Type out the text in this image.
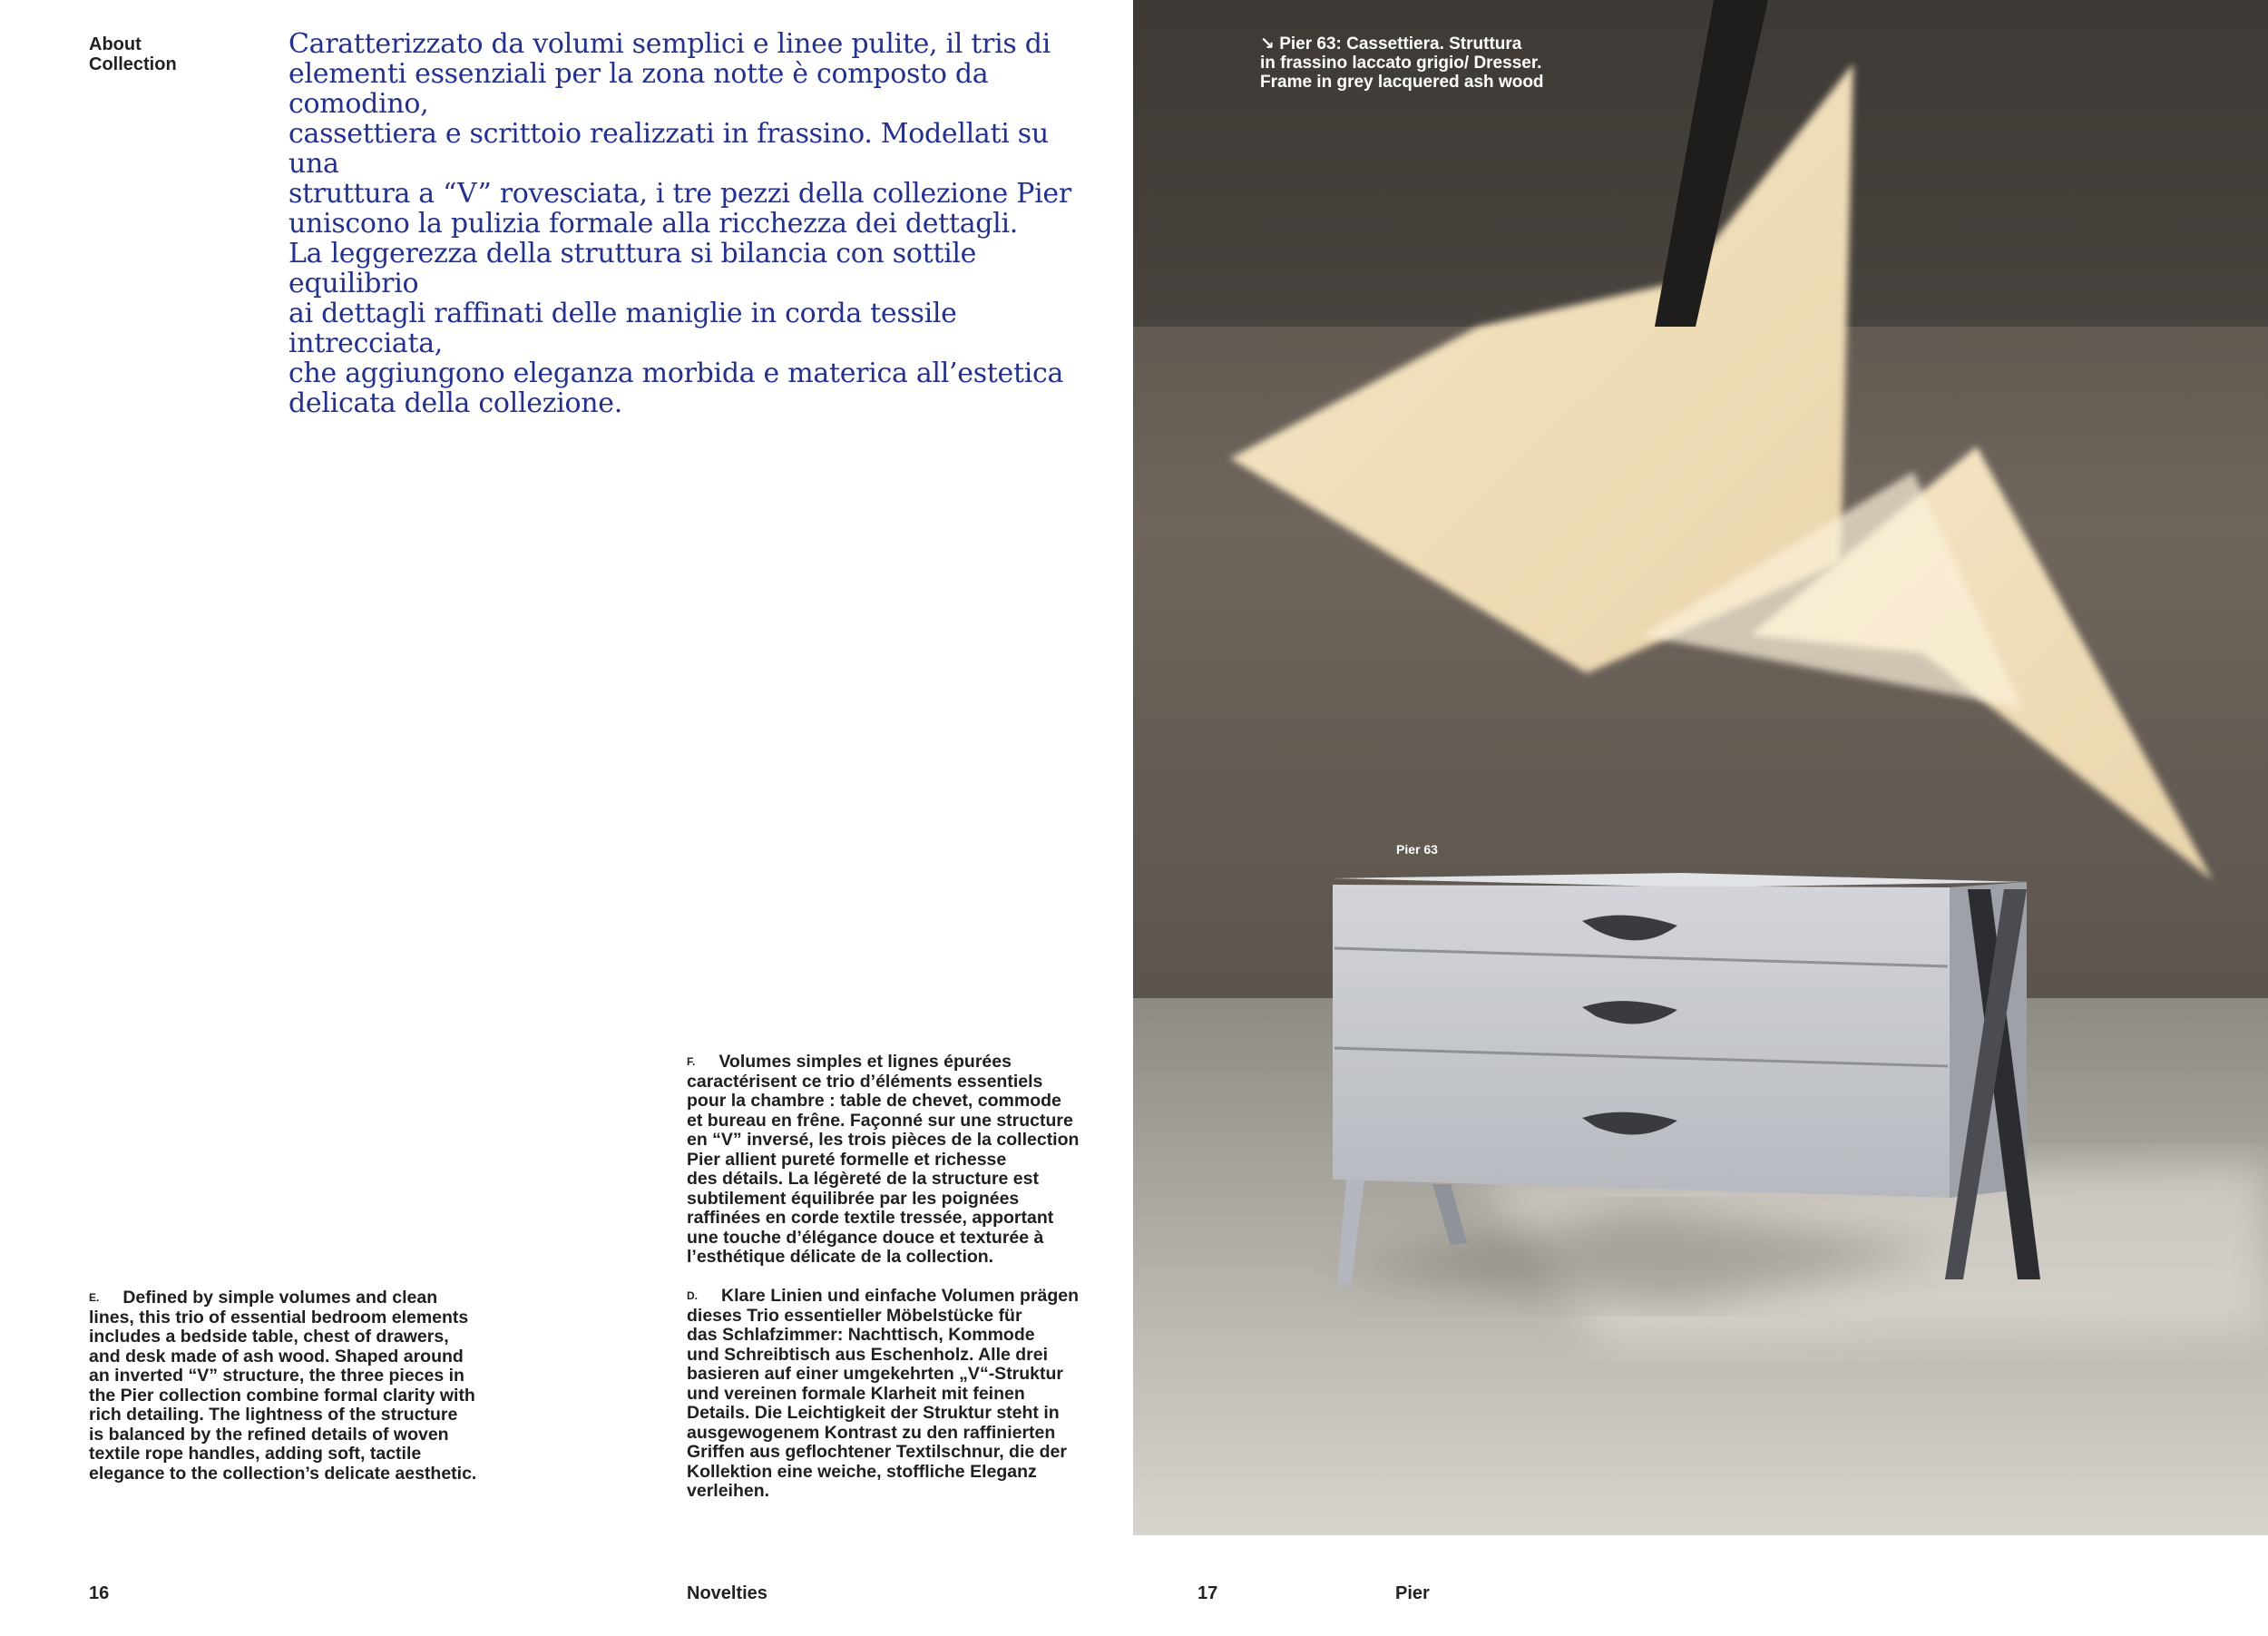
About
Collection
Caratterizzato da volumi semplici e linee pulite, il tris di
elementi essenziali per la zona notte è composto da comodino,
cassettiera e scrittoio realizzati in frassino. Modellati su una
struttura a “V” rovesciata, i tre pezzi della collezione Pier
uniscono la pulizia formale alla ricchezza dei dettagli.
La leggerezza della struttura si bilancia con sottile equilibrio
ai dettagli raffinati delle maniglie in corda tessile intrecciata,
che aggiungono eleganza morbida e materica all’estetica
delicata della collezione.
$^{F.}$ Volumes simples et lignes épurées
caractérisent ce trio d’éléments essentiels
pour la chambre : table de chevet, commode
et bureau en frêne. Façonné sur une structure
en “V” inversé, les trois pièces de la collection
Pier allient pureté formelle et richesse
des détails. La légèreté de la structure est
subtilement équilibrée par les poignées
raffinées en corde textile tressée, apportant
une touche d’élégance douce et texturée à
l’esthétique délicate de la collection.
$^{D.}$ Klare Linien und einfache Volumen prägen
dieses Trio essentieller Möbelstücke für
das Schlafzimmer: Nachttisch, Kommode
und Schreibtisch aus Eschenholz. Alle drei
basieren auf einer umgekehrten „V“-Struktur
und vereinen formale Klarheit mit feinen
Details. Die Leichtigkeit der Struktur steht in
ausgewogenem Kontrast zu den raffinierten
Griffen aus geflochtener Textilschnur, die der
Kollektion eine weiche, stoffliche Eleganz
verleihen.
$^{E.}$ Defined by simple volumes and clean
lines, this trio of essential bedroom elements
includes a bedside table, chest of drawers,
and desk made of ash wood. Shaped around
an inverted “V” structure, the three pieces in
the Pier collection combine formal clarity with
rich detailing. The lightness of the structure
is balanced by the refined details of woven
textile rope handles, adding soft, tactile
elegance to the collection’s delicate aesthetic.
16	Novelties	17	Pier
↘ Pier 63: Cassettiera. Struttura
in frassino laccato grigio/ Dresser.
Frame in grey lacquered ash wood
Pier 63
